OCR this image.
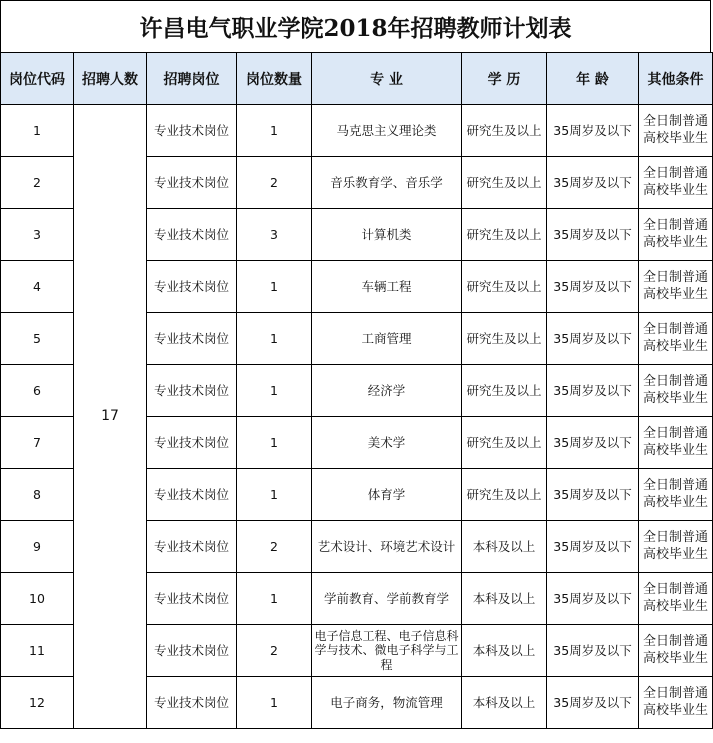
许昌电气职业学院2018年招聘教师计划表
岗位代码	招聘人数	招聘岗位	岗位数量	专 业	学 历	年 龄	其他条件
1	17	专业技术岗位	1	马克思主义理论类	研究生及以上	35周岁及以下	全日制普通
高校毕业生

2		专业技术岗位	2	音乐教育学、音乐学	研究生及以上	35周岁及以下	全日制普通
高校毕业生

3		专业技术岗位	3	计算机类	研究生及以上	35周岁及以下	全日制普通
高校毕业生

4		专业技术岗位	1	车辆工程	研究生及以上	35周岁及以下	全日制普通
高校毕业生

5		专业技术岗位	1	工商管理	研究生及以上	35周岁及以下	全日制普通
高校毕业生

6		专业技术岗位	1	经济学	研究生及以上	35周岁及以下	全日制普通
高校毕业生

7		专业技术岗位	1	美术学	研究生及以上	35周岁及以下	全日制普通
高校毕业生

8		专业技术岗位	1	体育学	研究生及以上	35周岁及以下	全日制普通
高校毕业生

9		专业技术岗位	2	艺术设计、环境艺术设计	本科及以上	35周岁及以下	全日制普通
高校毕业生

10		专业技术岗位	1	学前教育、学前教育学	本科及以上	35周岁及以下	全日制普通
高校毕业生

11		专业技术岗位	2	电子信息工程、电子信息科学与技术、微电子科学与工程	本科及以上	35周岁及以下	全日制普通
高校毕业生

12		专业技术岗位	1	电子商务，物流管理	本科及以上	35周岁及以下	全日制普通
高校毕业生
